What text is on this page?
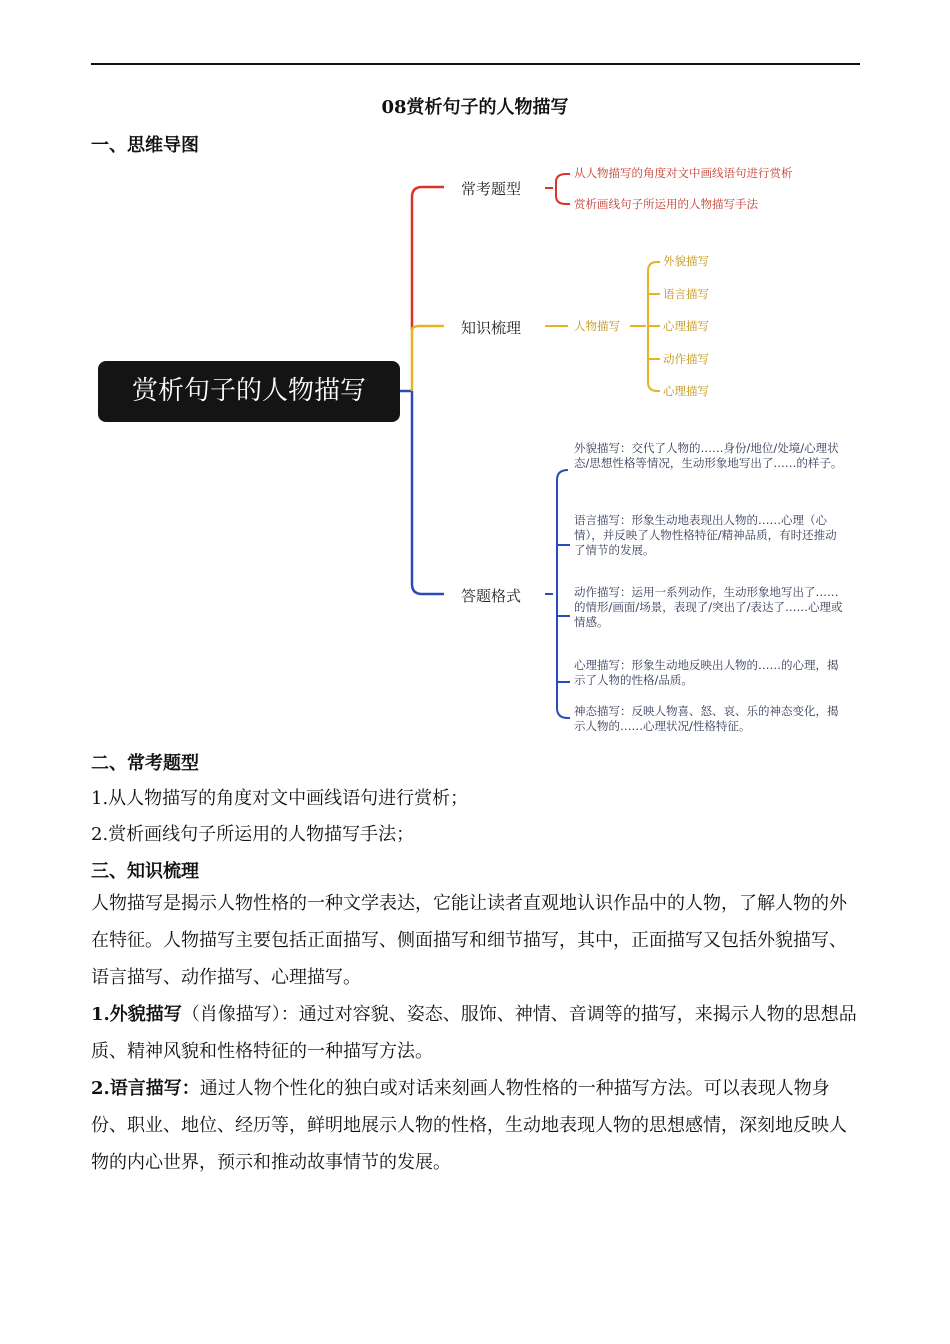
08赏析句子的人物描写
一、思维导图
赏析句子的人物描写
常考题型
知识梳理
答题格式
从人物描写的角度对文中画线语句进行赏析
赏析画线句子所运用的人物描写手法
人物描写
外貌描写
语言描写
心理描写
动作描写
心理描写
外貌描写：交代了人物的……身份/地位/处境/心理状态/思想性格等情况，生动形象地写出了……的样子。
语言描写：形象生动地表现出人物的……心理（心情），并反映了人物性格特征/精神品质，有时还推动了情节的发展。
动作描写：运用一系列动作，生动形象地写出了……的情形/画面/场景，表现了/突出了/表达了……心理或情感。
心理描写：形象生动地反映出人物的……的心理，揭示了人物的性格/品质。
神态描写：反映人物喜、怒、哀、乐的神态变化，揭示人物的……心理状况/性格特征。
二、常考题型
1.从人物描写的角度对文中画线语句进行赏析；
2.赏析画线句子所运用的人物描写手法；
三、知识梳理
人物描写是揭示人物性格的一种文学表达，它能让读者直观地认识作品中的人物，了解人物的外在特征。人物描写主要包括正面描写、侧面描写和细节描写，其中，正面描写又包括外貌描写、语言描写、动作描写、心理描写。
1.外貌描写（肖像描写）：通过对容貌、姿态、服饰、神情、音调等的描写，来揭示人物的思想品质、精神风貌和性格特征的一种描写方法。
2.语言描写：通过人物个性化的独白或对话来刻画人物性格的一种描写方法。可以表现人物身份、职业、地位、经历等，鲜明地展示人物的性格，生动地表现人物的思想感情，深刻地反映人物的内心世界，预示和推动故事情节的发展。
